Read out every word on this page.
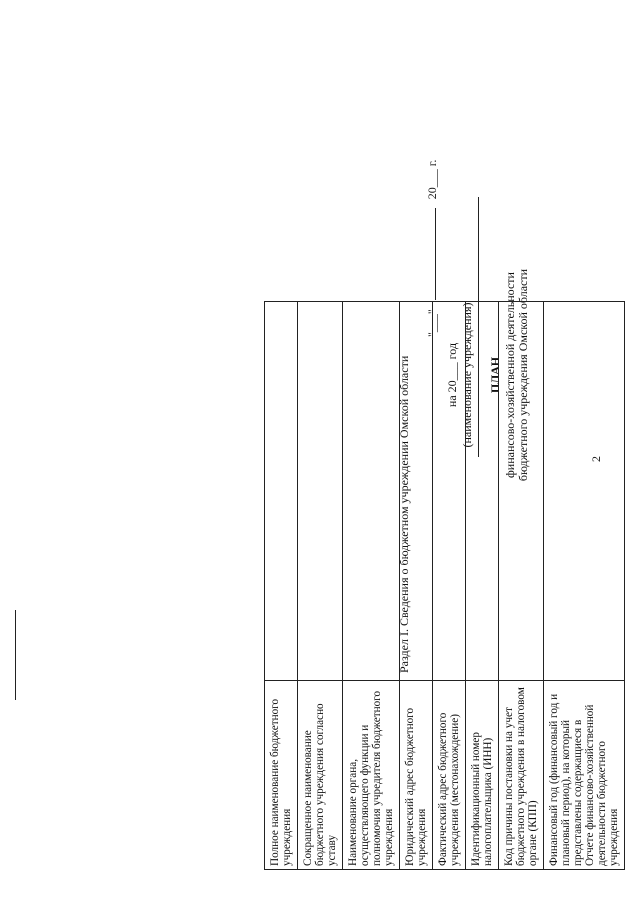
2
ПЛАН финансово-хозяйственной деятельности бюджетного учреждения Омской области
(наименование учреждения)
на 20___ год
"___"  20___ г.
Раздел I. Сведения о бюджетном учреждении Омской области
Полное наименование бюджетного учреждения	
Сокращенное наименование бюджетного учреждения согласно уставу	
Наименование органа, осуществляющего функции и полномочия учредителя бюджетного учреждения	
Юридический адрес бюджетного учреждения	
Фактический адрес бюджетного учреждения (местонахождение)	
Идентификационный номер налогоплательщика (ИНН)	
Код причины постановки на учет бюджетного учреждения в налоговом органе (КПП)	
Финансовый год (финансовый год и плановый период), на который представлены содержащиеся в Отчете финансово-хозяйственной деятельности бюджетного учреждения	
